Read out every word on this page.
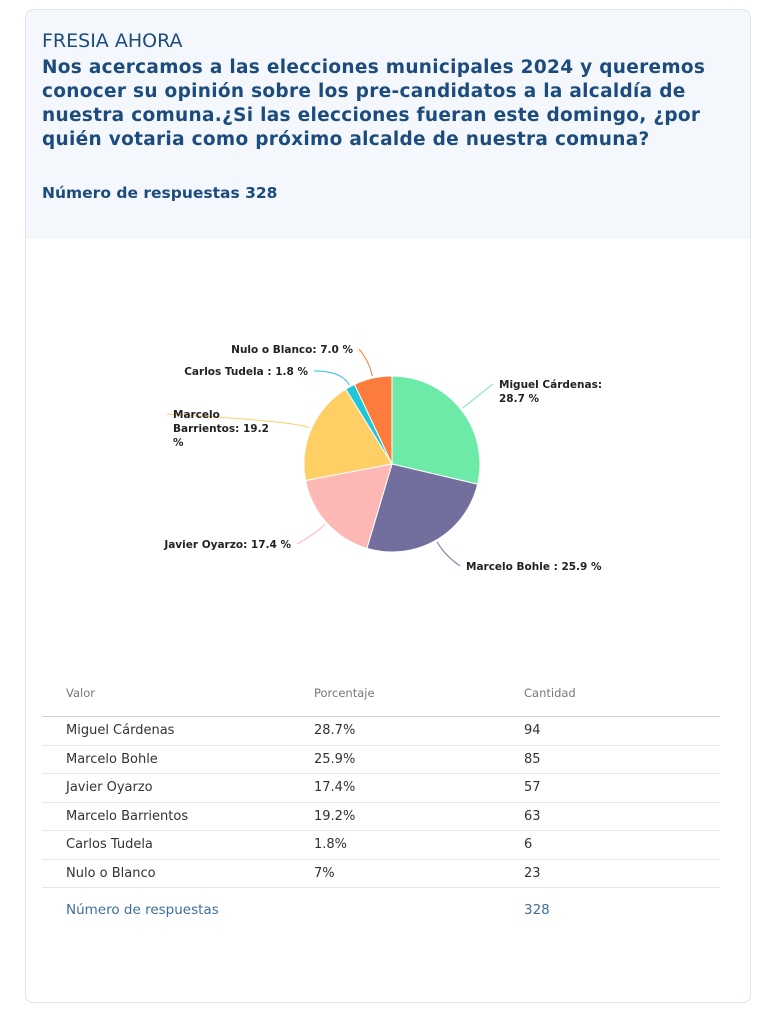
FRESIA AHORA

Nos acercamos a las elecciones municipales 2024 y queremos conocer su opinión sobre los pre-candidatos a la alcaldía de nuestra comuna.¿Si las elecciones fueran este domingo, ¿por quién votaria como próximo alcalde de nuestra comuna?

Número de respuestas 328
Miguel Cárdenas: 28.7 %
Marcelo Bohle : 25.9 %
Javier Oyarzo: 17.4 %
Marcelo Barrientos: 19.2 %
Carlos Tudela : 1.8 %
Nulo o Blanco: 7.0 %
Valor	Porcentaje	Cantidad
Miguel Cárdenas	28.7%	94
Marcelo Bohle	25.9%	85
Javier Oyarzo	17.4%	57
Marcelo Barrientos	19.2%	63
Carlos Tudela	1.8%	6
Nulo o Blanco	7%	23
Número de respuestas	328
